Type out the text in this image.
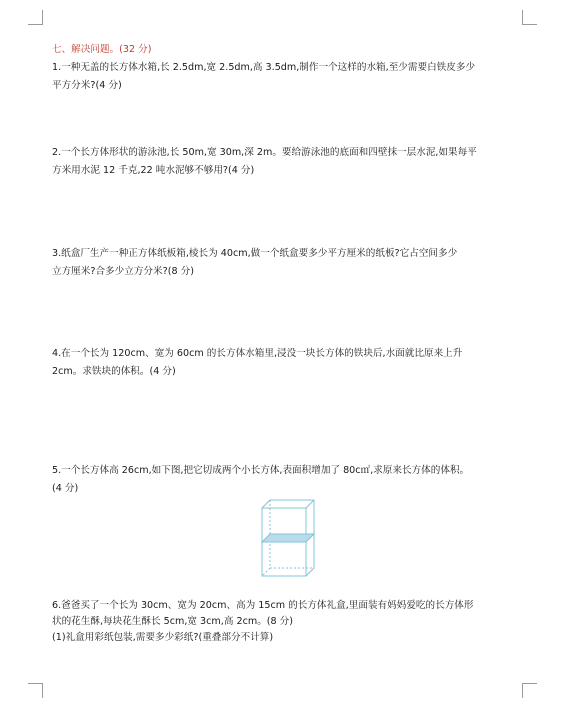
七、解决问题。(32 分)
1.一种无盖的长方体水箱,长 2.5dm,宽 2.5dm,高 3.5dm,制作一个这样的水箱,至少需要白铁皮多少
平方分米?(4 分)
2.一个长方体形状的游泳池,长 50m,宽 30m,深 2m。要给游泳池的底面和四壁抹一层水泥,如果每平
方米用水泥 12 千克,22 吨水泥够不够用?(4 分)
3.纸盒厂生产一种正方体纸板箱,棱长为 40cm,做一个纸盒要多少平方厘米的纸板?它占空间多少
立方厘米?合多少立方分米?(8 分)
4.在一个长为 120cm、宽为 60cm 的长方体水箱里,浸没一块长方体的铁块后,水面就比原来上升
2cm。求铁块的体积。(4 分)
5.一个长方体高 26cm,如下图,把它切成两个小长方体,表面积增加了 80c㎡,求原来长方体的体积。
(4 分)
6.爸爸买了一个长为 30cm、宽为 20cm、高为 15cm 的长方体礼盒,里面装有妈妈爱吃的长方体形
状的花生酥,每块花生酥长 5cm,宽 3cm,高 2cm。(8 分)
(1)礼盒用彩纸包装,需要多少彩纸?(重叠部分不计算)
